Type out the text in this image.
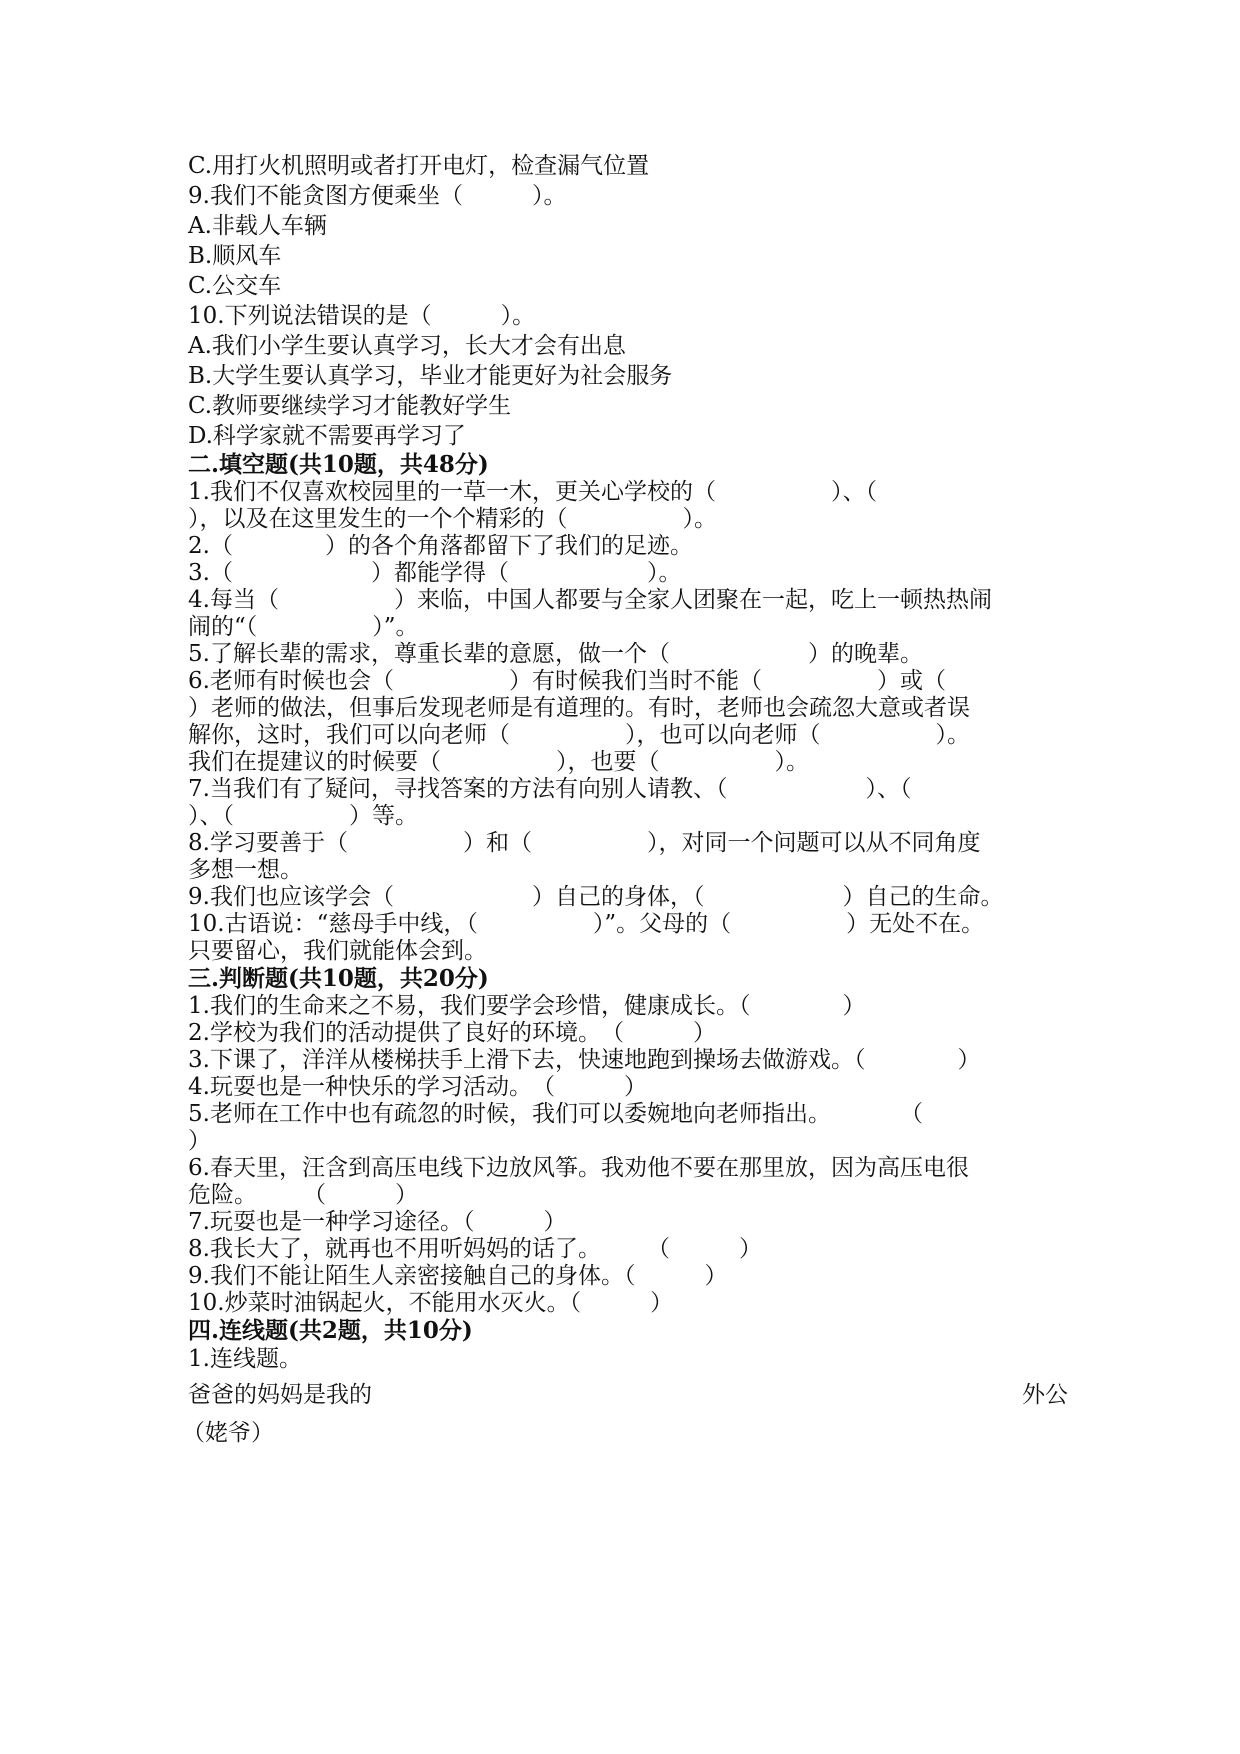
C.用打火机照明或者打开电灯，检查漏气位置
9.我们不能贪图方便乘坐（　　　）。
A.非载人车辆
B.顺风车
C.公交车
10.下列说法错误的是（　　　）。
A.我们小学生要认真学习，长大才会有出息
B.大学生要认真学习，毕业才能更好为社会服务
C.教师要继续学习才能教好学生
D.科学家就不需要再学习了
二.填空题(共10题，共48分)
1.我们不仅喜欢校园里的一草一木，更关心学校的（　　　　　）、（
），以及在这里发生的一个个精彩的（　　　　　）。
2.（　　　　）的各个角落都留下了我们的足迹。
3.（　　　　　　）都能学得（　　　　　　）。
4.每当（　　　　　）来临，中国人都要与全家人团聚在一起，吃上一顿热热闹
闹的“（　　　　　）”。
5.了解长辈的需求，尊重长辈的意愿，做一个（　　　　　　）的晚辈。
6.老师有时候也会（　　　　　）有时候我们当时不能（　　　　　）或（
）老师的做法，但事后发现老师是有道理的。有时，老师也会疏忽大意或者误
解你，这时，我们可以向老师（　　　　　），也可以向老师（　　　　　）。
我们在提建议的时候要（　　　　　），也要（　　　　　）。
7.当我们有了疑问，寻找答案的方法有向别人请教、（　　　　　　）、（
）、（　　　　　）等。
8.学习要善于（　　　　　）和（　　　　　），对同一个问题可以从不同角度
多想一想。
9.我们也应该学会（　　　　　　）自己的身体，（　　　　　　）自己的生命。
10.古语说：“慈母手中线，（　　　　　）”。父母的（　　　　　）无处不在。
只要留心，我们就能体会到。
三.判断题(共10题，共20分)
1.我们的生命来之不易，我们要学会珍惜，健康成长。（　　　　）
2.学校为我们的活动提供了良好的环境。　（　　　）
3.下课了，洋洋从楼梯扶手上滑下去，快速地跑到操场去做游戏。（　　　　）
4.玩耍也是一种快乐的学习活动。　（　　　）
5.老师在工作中也有疏忽的时候，我们可以委婉地向老师指出。　　　　（
）
6.春天里，汪含到高压电线下边放风筝。我劝他不要在那里放，因为高压电很
危险。　　　（　　　）
7.玩耍也是一种学习途径。（　　　）
8.我长大了，就再也不用听妈妈的话了。　　　（　　　）
9.我们不能让陌生人亲密接触自己的身体。（　　　）
10.炒菜时油锅起火，不能用水灭火。（　　　）
四.连线题(共2题，共10分)
1.连线题。
爸爸的妈妈是我的	外公
（姥爷）
